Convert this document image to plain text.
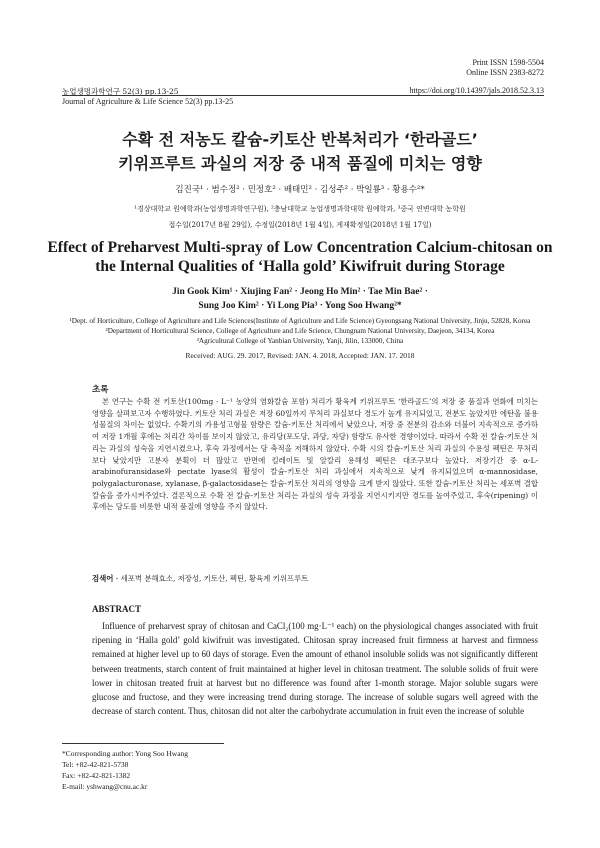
Print ISSN 1598-5504
Online ISSN 2383-8272
농업생명과학연구 52(3) pp.13-25
Journal of Agriculture & Life Science 52(3) pp.13-25
https://doi.org/10.14397/jals.2018.52.3.13
수확 전 저농도 칼슘-키토산 반복처리가 ‘한라골드’
키위프루트 과실의 저장 중 내적 품질에 미치는 영향
김진국¹ · 범수정² · 민정호² · 배태민² · 김성주² · 박일룡³ · 황용수²*
¹경상대학교 원예학과(농업생명과학연구원), ²충남대학교 농업생명과학대학 원예학과, ³중국 연변대학 농학원
접수일(2017년 8월 29일), 수정일(2018년 1월 4일), 게재확정일(2018년 1월 17일)
Effect of Preharvest Multi-spray of Low Concentration Calcium-chitosan on
the Internal Qualities of ‘Halla gold’ Kiwifruit during Storage
Jin Gook Kim¹ · Xiujing Fan² · Jeong Ho Min² · Tae Min Bae² ·
Sung Joo Kim² · Yi Long Pia³ · Yong Soo Hwang²*
¹Dept. of Horticulture, College of Agriculture and Life Sciences(Institute of Agriculture and Life Science) Gyeongsang National University, Jinju, 52828, Korea
²Department of Horticultural Science, College of Agriculture and Life Science, Chungnam National University, Daejeon, 34134, Korea
³Agricultural College of Yanbian University, Yanji, Jilin, 133000, China
Received: AUG. 29. 2017, Revised: JAN. 4. 2018, Accepted: JAN. 17. 2018
초록
본 연구는 수확 전 키토산(100mg · L⁻¹ 농양의 염화칼슘 포함) 처리가 황육계 키위프루트 ‘한라골드’의 저장 중 품질과 연화에 미치는 영향을 살펴보고자 수행하였다. 키토산 처리 과실은 저장 60일까지 무처리 과실보다 경도가 높게 유지되었고, 전분도 높았지만 에탄올 불용성물질의 차이는 없었다. 수확기의 가용성고형물 함량은 칼슘-키토산 처리에서 낮았으나, 저장 중 전분의 감소와 더불어 지속적으로 증가하여 저장 1개월 후에는 처리간 차이를 보이지 않았고, 유리당(포도당, 과당, 자당) 함량도 유사한 경향이었다. 따라서 수확 전 칼슘-키토산 처리는 과실의 성숙을 지연시켰으나, 후숙 과정에서는 당 축적을 저해하지 않았다. 수확 시의 칼슘-키토산 처리 과실의 수용성 펙틴은 무처리보다 낮았지만 고분자 분획이 더 많았고 반면에 킬레이트 및 알칼리 용해성 펙틴은 대조구보다 높았다. 저장기간 중 α-L-arabinofuransidase와 pectate lyase의 활성이 칼슘-키토산 처리 과실에서 지속적으로 낮게 유지되었으며 α-mannosidase, polygalacturonase, xylanase, β-galactosidase는 칼슘-키토산 처리의 영향을 크게 받지 않았다. 또한 칼슘-키토산 처리는 세포벽 결합 칼슘을 증가시켜주었다. 결론적으로 수확 전 칼슘-키토산 처리는 과실의 성숙 과정을 지연시키지만 경도를 높여주었고, 후숙(ripening) 이후에는 당도를 비롯한 내적 품질에 영향을 주지 않았다.
검색어 - 세포벽 분해효소, 저장성, 키토산, 펙틴, 황육계 키위프루트
ABSTRACT
Influence of preharvest spray of chitosan and CaCl₂(100 mg·L⁻¹ each) on the physiological changes associated with fruit ripening in ‘Halla gold’ gold kiwifruit was investigated. Chitosan spray increased fruit firmness at harvest and firmness remained at higher level up to 60 days of storage. Even the amount of ethanol insoluble solids was not significantly different between treatments, starch content of fruit maintained at higher level in chitosan treatment. The soluble solids of fruit were lower in chitosan treated fruit at harvest but no difference was found after 1-month storage. Major soluble sugars were glucose and fructose, and they were increasing trend during storage. The increase of soluble sugars well agreed with the decrease of starch content. Thus, chitosan did not alter the carbohydrate accumulation in fruit even the increase of soluble
*Corresponding author: Yong Soo Hwang
Tel: +82-42-821-5738
Fax: +82-42-821-1382
E-mail: yshwang@cnu.ac.kr
